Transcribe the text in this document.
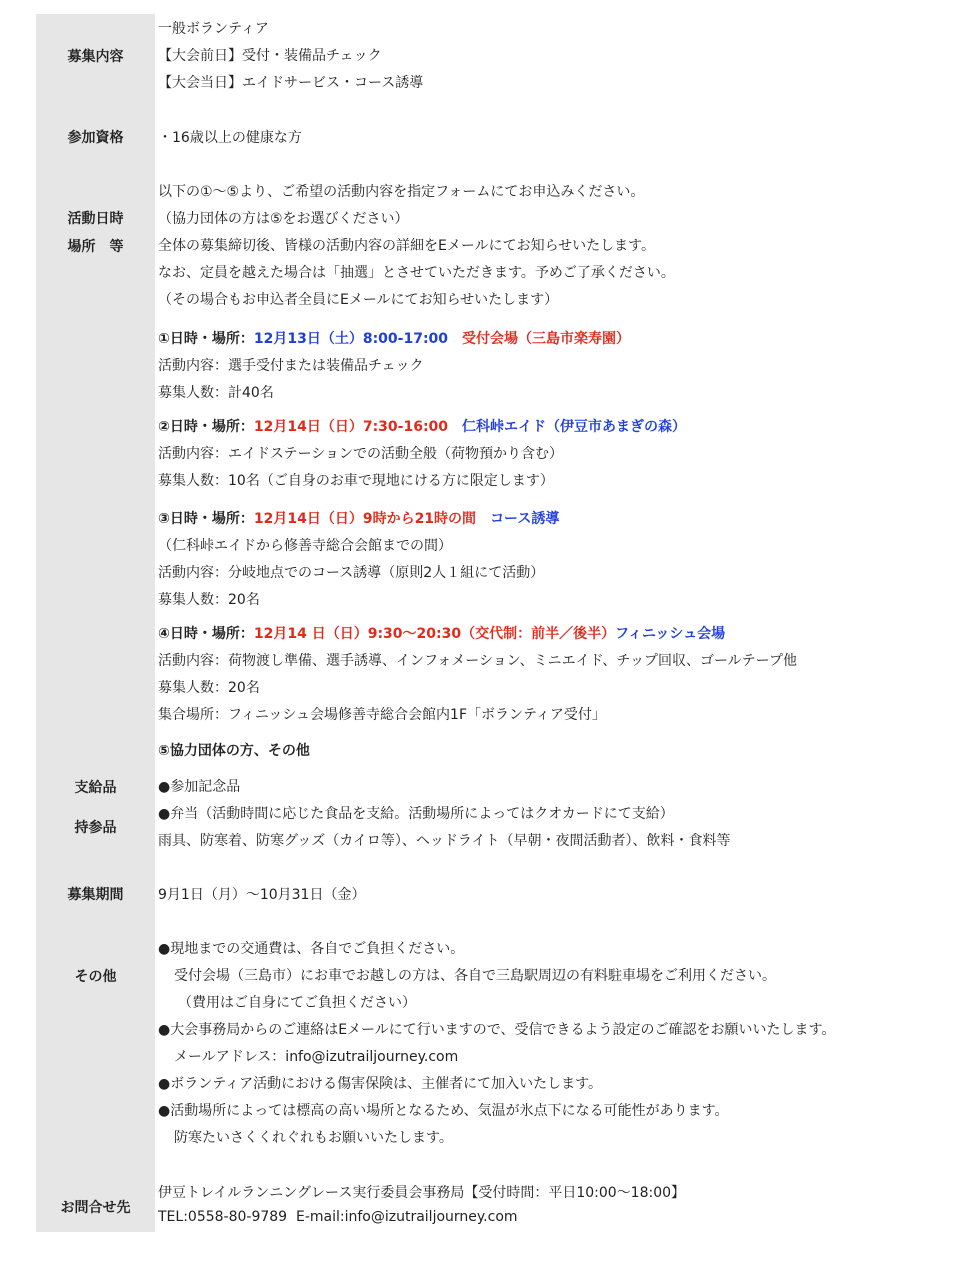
募集内容
参加資格
活動日時
場所　等
支給品
持参品
募集期間
その他
お問合せ先
一般ボランティア
【大会前日】受付・装備品チェック
【大会当日】エイドサービス・コース誘導
・16歳以上の健康な方
以下の①～⑤より、ご希望の活動内容を指定フォームにてお申込みください。
（協力団体の方は⑤をお選びください）
全体の募集締切後、皆様の活動内容の詳細をEメールにてお知らせいたします。
なお、定員を越えた場合は「抽選」とさせていただきます。予めご了承ください。
（その場合もお申込者全員にEメールにてお知らせいたします）
①日時・場所：12月13日（土）8:00-17:00　 受付会場（三島市楽寿園）
活動内容：選手受付または装備品チェック
募集人数：計40名
②日時・場所：12月14日（日）7:30-16:00　 仁科峠エイド（伊豆市あまぎの森）
活動内容：エイドステーションでの活動全般（荷物預かり含む）
募集人数：10名（ご自身のお車で現地にける方に限定します）
③日時・場所：12月14日（日）9時から21時の間　 コース誘導
（仁科峠エイドから修善寺総合会館までの間）
活動内容：分岐地点でのコース誘導（原則2人１組にて活動）
募集人数：20名
④日時・場所：12月14 日（日）9:30～20:30（交代制：前半／後半）フィニッシュ会場
活動内容：荷物渡し準備、選手誘導、インフォメーション、ミニエイド、チップ回収、ゴールテープ他
募集人数：20名
集合場所：フィニッシュ会場修善寺総合会館内1F「ボランティア受付」
⑤協力団体の方、その他
●参加記念品
●弁当（活動時間に応じた食品を支給。活動場所によってはクオカードにて支給）
雨具、防寒着、防寒グッズ（カイロ等）、ヘッドライト（早朝・夜間活動者）、飲料・食料等
9月1日（月）～10月31日（金）
●現地までの交通費は、各自でご負担ください。
受付会場（三島市）にお車でお越しの方は、各自で三島駅周辺の有料駐車場をご利用ください。
（費用はご自身にてご負担ください）
●大会事務局からのご連絡はEメールにて行いますので、受信できるよう設定のご確認をお願いいたします。
メールアドレス：info@izutrailjourney.com
●ボランティア活動における傷害保険は、主催者にて加入いたします。
●活動場所によっては標高の高い場所となるため、気温が氷点下になる可能性があります。
防寒たいさくくれぐれもお願いいたします。
伊豆トレイルランニングレース実行委員会事務局【受付時間：平日10:00～18:00】
TEL:0558-80-9789  E-mail:info@izutrailjourney.com
